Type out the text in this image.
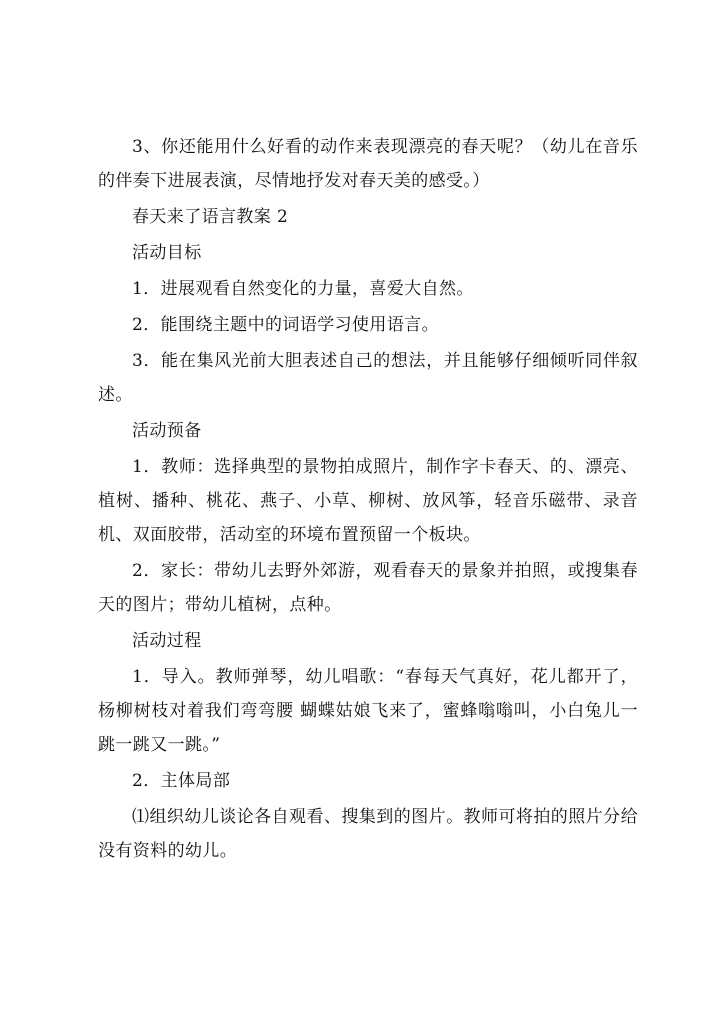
3、你还能用什么好看的动作来表现漂亮的春天呢？（幼儿在音乐的伴奏下进展表演，尽情地抒发对春天美的感受。）

春天来了语言教案 2

活动目标

1．进展观看自然变化的力量，喜爱大自然。

2．能围绕主题中的词语学习使用语言。

3．能在集风光前大胆表述自己的想法，并且能够仔细倾听同伴叙述。

活动预备

1．教师：选择典型的景物拍成照片，制作字卡春天、的、漂亮、植树、播种、桃花、燕子、小草、柳树、放风筝，轻音乐磁带、录音机、双面胶带，活动室的环境布置预留一个板块。

2．家长：带幼儿去野外郊游，观看春天的景象并拍照，或搜集春天的图片；带幼儿植树，点种。

活动过程

1．导入。教师弹琴，幼儿唱歌：“春每天气真好，花儿都开了，杨柳树枝对着我们弯弯腰 蝴蝶姑娘飞来了，蜜蜂嗡嗡叫，小白兔儿一跳一跳又一跳。”

2．主体局部

⑴组织幼儿谈论各自观看、搜集到的图片。教师可将拍的照片分给没有资料的幼儿。
